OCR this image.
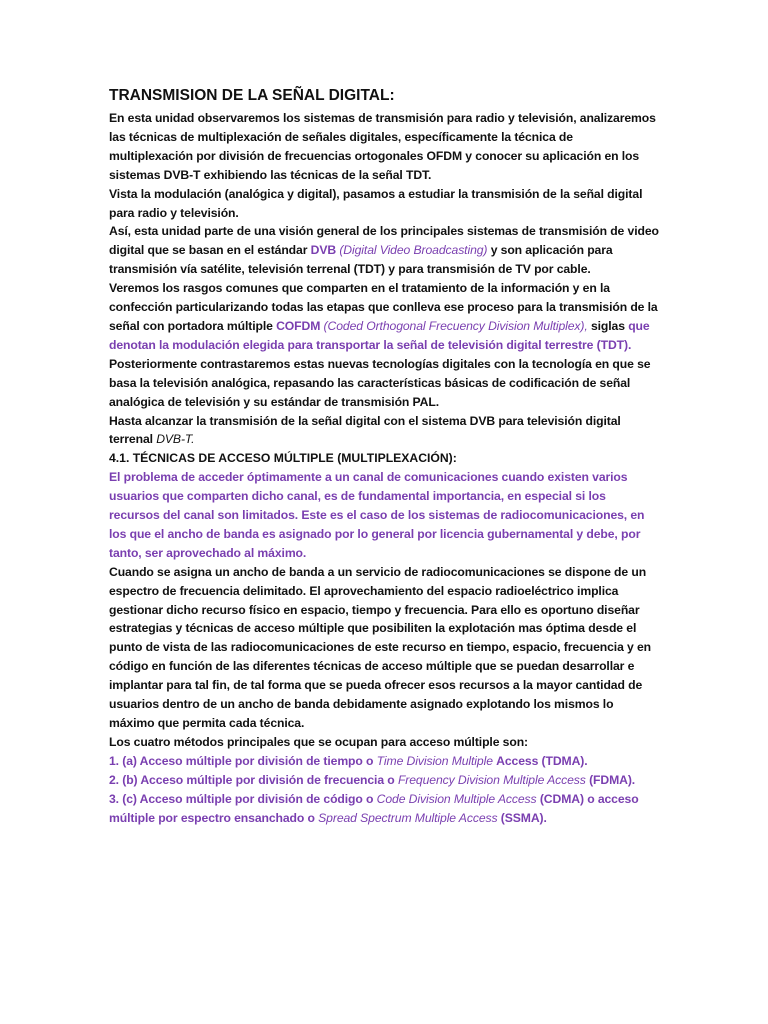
TRANSMISION DE LA SEÑAL DIGITAL:

En esta unidad observaremos los sistemas de transmisión para radio y televisión, analizaremos las técnicas de multiplexación de señales digitales, específicamente la técnica de multiplexación por división de frecuencias ortogonales OFDM y conocer su aplicación en los sistemas DVB-T exhibiendo las técnicas de la señal TDT.

Vista la modulación (analógica y digital), pasamos a estudiar la transmisión de la señal digital para radio y televisión.

Así, esta unidad parte de una visión general de los principales sistemas de transmisión de video digital que se basan en el estándar DVB (Digital Video Broadcasting) y son aplicación para transmisión vía satélite, televisión terrenal (TDT) y para transmisión de TV por cable.

Veremos los rasgos comunes que comparten en el tratamiento de la información y en la confección particularizando todas las etapas que conlleva ese proceso para la transmisión de la señal con portadora múltiple COFDM (Coded Orthogonal Frecuency Division Multiplex), siglas que denotan la modulación elegida para transportar la señal de televisión digital terrestre (TDT).

Posteriormente contrastaremos estas nuevas tecnologías digitales con la tecnología en que se basa la televisión analógica, repasando las características básicas de codificación de señal analógica de televisión y su estándar de transmisión PAL.

Hasta alcanzar la transmisión de la señal digital con el sistema DVB para televisión digital terrenal DVB-T.

4.1. TÉCNICAS DE ACCESO MÚLTIPLE (MULTIPLEXACIÓN):

El problema de acceder óptimamente a un canal de comunicaciones cuando existen varios usuarios que comparten dicho canal, es de fundamental importancia, en especial si los recursos del canal son limitados. Este es el caso de los sistemas de radiocomunicaciones, en los que el ancho de banda es asignado por lo general por licencia gubernamental y debe, por tanto, ser aprovechado al máximo.

Cuando se asigna un ancho de banda a un servicio de radiocomunicaciones se dispone de un espectro de frecuencia delimitado. El aprovechamiento del espacio radioeléctrico implica gestionar dicho recurso físico en espacio, tiempo y frecuencia. Para ello es oportuno diseñar estrategias y técnicas de acceso múltiple que posibiliten la explotación mas óptima desde el punto de vista de las radiocomunicaciones de este recurso en tiempo, espacio, frecuencia y en código en función de las diferentes técnicas de acceso múltiple que se puedan desarrollar e implantar para tal fin, de tal forma que se pueda ofrecer esos recursos a la mayor cantidad de usuarios dentro de un ancho de banda debidamente asignado explotando los mismos lo máximo que permita cada técnica.

Los cuatro métodos principales que se ocupan para acceso múltiple son:

1. (a) Acceso múltiple por división de tiempo o Time Division Multiple Access (TDMA).

2. (b) Acceso múltiple por división de frecuencia o Frequency Division Multiple Access (FDMA).

3. (c) Acceso múltiple por división de código o Code Division Multiple Access (CDMA) o acceso múltiple por espectro ensanchado o Spread Spectrum Multiple Access (SSMA).
